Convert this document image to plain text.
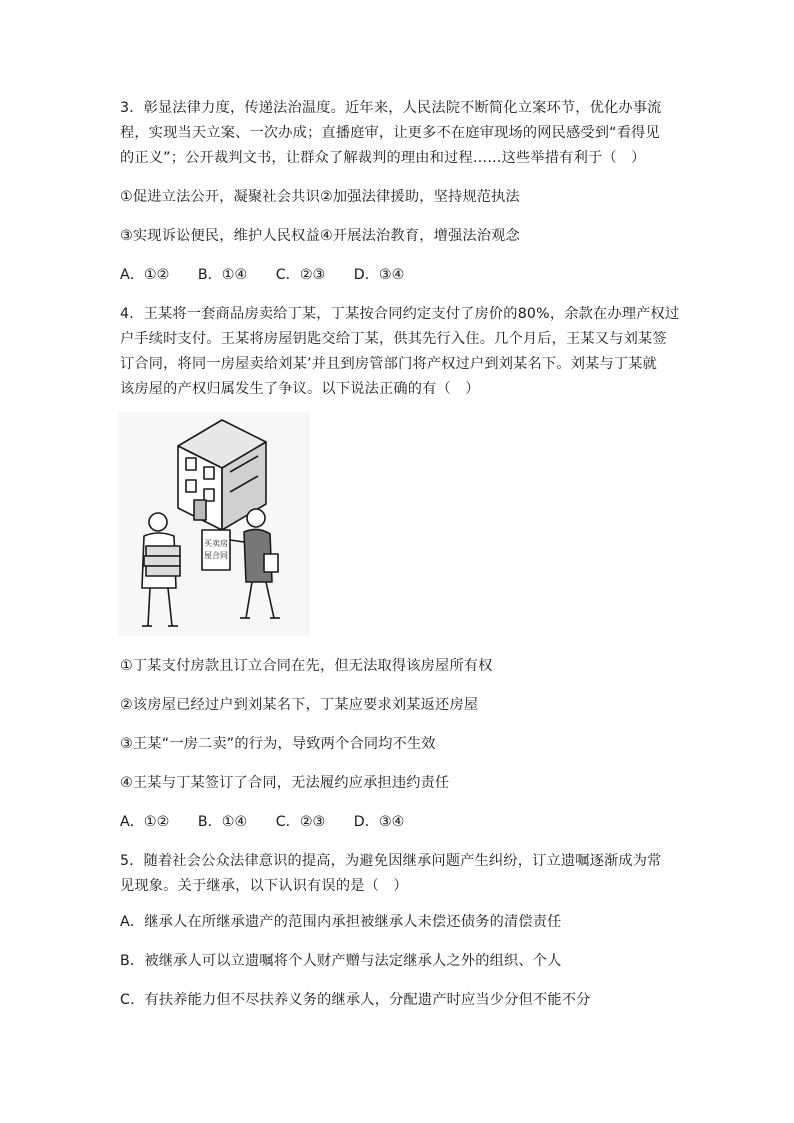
3．彰显法律力度，传递法治温度。近年来，人民法院不断简化立案环节，优化办事流
程，实现当天立案、一次办成；直播庭审，让更多不在庭审现场的网民感受到“看得见
的正义”；公开裁判文书，让群众了解裁判的理由和过程……这些举措有利于（　）
①促进立法公开，凝聚社会共识②加强法律援助，坚持规范执法
③实现诉讼便民，维护人民权益④开展法治教育，增强法治观念
A．①② B．①④ C．②③ D．③④
4．王某将一套商品房卖给丁某，丁某按合同约定支付了房价的80%，余款在办理产权过
户手续时支付。王某将房屋钥匙交给丁某，供其先行入住。几个月后，王某又与刘某签
订合同，将同一房屋卖给刘某’并且到房管部门将产权过户到刘某名下。刘某与丁某就
该房屋的产权归属发生了争议。以下说法正确的有（　）
买卖房
屋合同
①丁某支付房款且订立合同在先，但无法取得该房屋所有权
②该房屋已经过户到刘某名下，丁某应要求刘某返还房屋
③王某“一房二卖”的行为，导致两个合同均不生效
④王某与丁某签订了合同，无法履约应承担违约责任
A．①② B．①④ C．②③ D．③④
5．随着社会公众法律意识的提高，为避免因继承问题产生纠纷，订立遗嘱逐渐成为常
见现象。关于继承，以下认识有误的是（　）
A．继承人在所继承遗产的范围内承担被继承人未偿还债务的清偿责任
B．被继承人可以立遗嘱将个人财产赠与法定继承人之外的组织、个人
C．有扶养能力但不尽扶养义务的继承人，分配遗产时应当少分但不能不分
